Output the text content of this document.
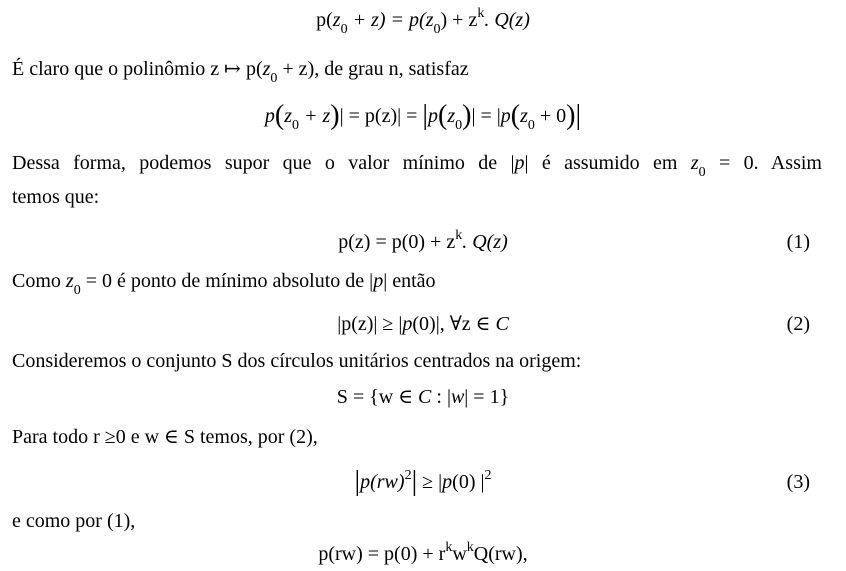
$p(z_0 + z) = p(z_0) + z^k$. Q(z)
É claro que o polinômio z ↦ $p(z_0 + z)$, de grau n, satisfaz
$p(z_0 + z)| = p(z)| = |p(z_0)| = |p(z_0 + 0)|$
Dessa forma, podemos supor que o valor mínimo de |p| é assumido em $z_0 = 0$. Assim
temos que:
$p(z) = p(0) + z^k$. Q(z)	(1)
Como $z_0 = 0$ é ponto de mínimo absoluto de |p| então
|p(z)| ≥ |p(0)|, ∀z ∈ C	(2)
Consideremos o conjunto S dos círculos unitários centrados na origem:
S = {w ∈ C : |w| = 1}
Para todo r ≥0 e w ∈ S temos, por (2),
|p(rw)$^2$| ≥ |p(0) $|^2$	(3)
e como por (1),
$p(rw) = p(0) + r^kw^kQ(rw)$,
